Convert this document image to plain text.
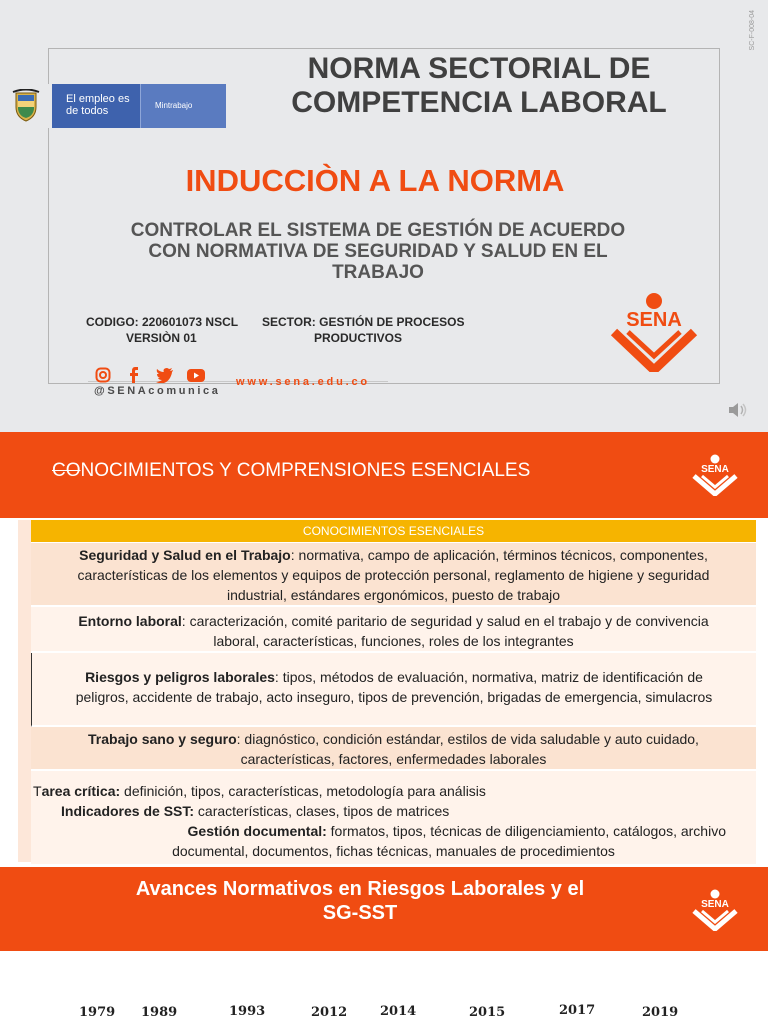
SC-F-008-04
El empleo es de todos	Mintrabajo
NORMA SECTORIAL DE
COMPETENCIA LABORAL
INDUCCIÒN A LA NORMA
CONTROLAR EL SISTEMA DE GESTIÓN DE ACUERDO
CON NORMATIVA DE SEGURIDAD Y SALUD EN EL
TRABAJO
CODIGO: 220601073 NSCL
VERSIÒN 01
SECTOR: GESTIÓN DE PROCESOS
PRODUCTIVOS
SENA
@SENAcomunica
www.sena.edu.co
CONOCIMIENTOS Y COMPRENSIONES ESENCIALES	SENA
CONOCIMIENTOS ESENCIALES
Seguridad y Salud en el Trabajo: normativa, campo de aplicación, términos técnicos, componentes,
características de los elementos y equipos de protección personal, reglamento de higiene y seguridad
industrial, estándares ergonómicos, puesto de trabajo
Entorno laboral: caracterización, comité paritario de seguridad y salud en el trabajo y de convivencia
laboral, características, funciones, roles de los integrantes
Riesgos y peligros laborales: tipos, métodos de evaluación, normativa, matriz de identificación de
peligros, accidente de trabajo, acto inseguro, tipos de prevención, brigadas de emergencia, simulacros
Trabajo sano y seguro: diagnóstico, condición estándar, estilos de vida saludable y auto cuidado,
características, factores, enfermedades laborales
Tarea crítica: definición, tipos, características, metodología para análisis
Indicadores de SST: características, clases, tipos de matrices
Gestión documental: formatos, tipos, técnicas de diligenciamiento, catálogos, archivo
documental, documentos, fichas técnicas, manuales de procedimientos
Avances Normativos en Riesgos Laborales y el
SG-SST	SENA
1979 1989	1993	2012	2014	2015	2017	2019
